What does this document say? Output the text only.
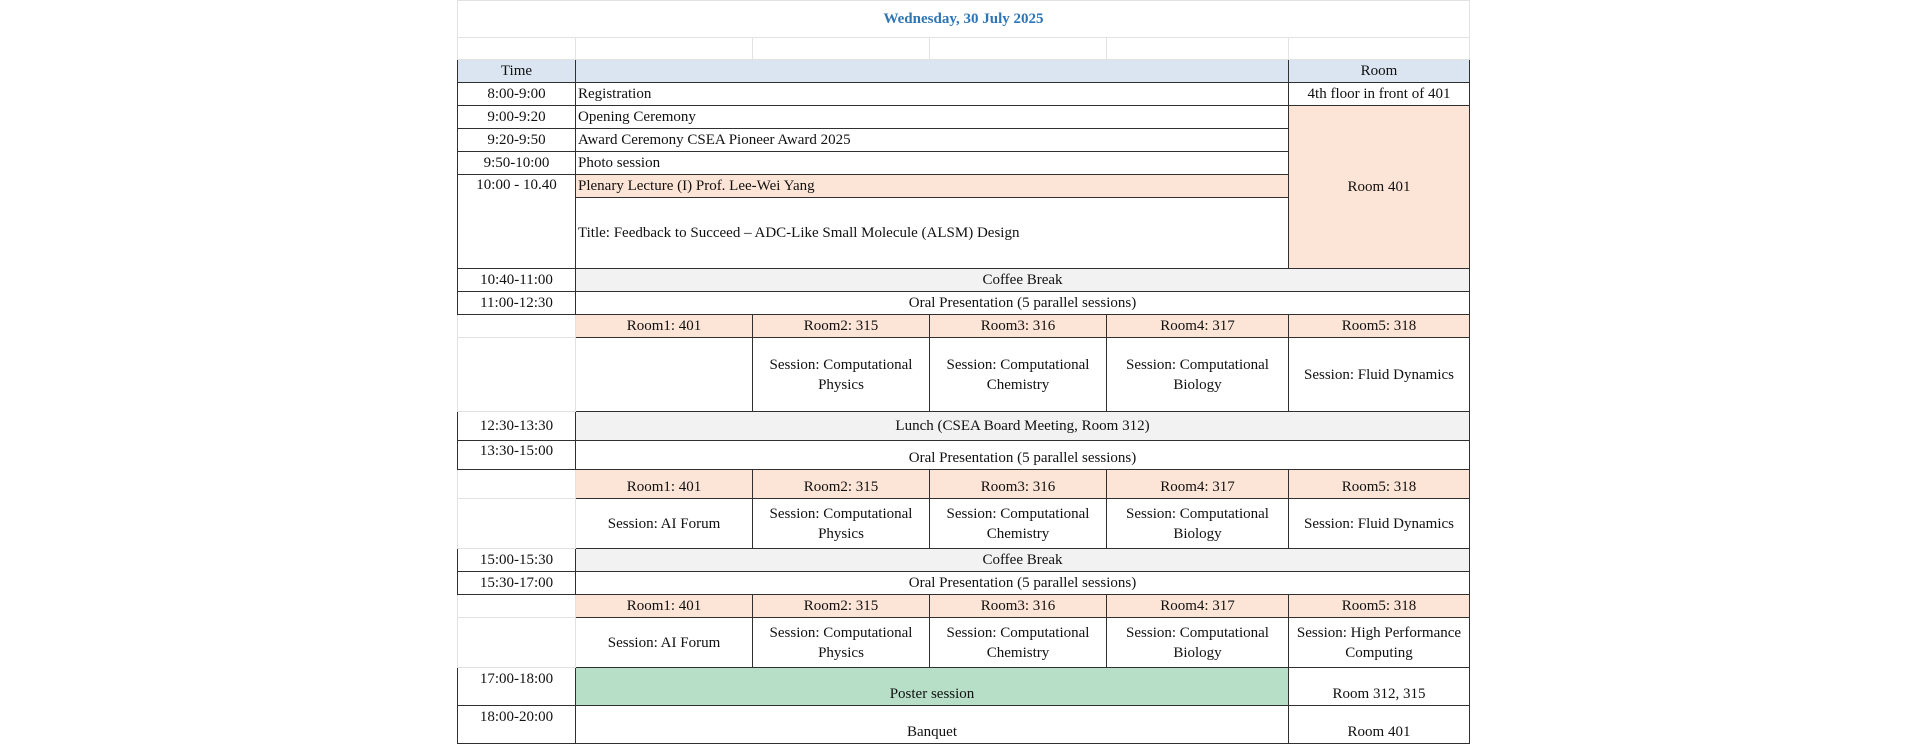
Wednesday, 30 July 2025					

Time					Room
8:00-9:00	Registration				4th floor in front of 401
9:00-9:20	Opening Ceremony				Room 401
9:20-9:50	Award Ceremony CSEA Pioneer Award 2025				
9:50-10:00	Photo session				
10:00 - 10.40	Plenary Lecture (I) Prof. Lee-Wei Yang				
	Title: Feedback to Succeed – ADC-Like Small Molecule (ALSM) Design				
10:40-11:00	Coffee Break				
11:00-12:30	Oral Presentation (5 parallel sessions)				
	Room1: 401	Room2: 315	Room3: 316	Room4: 317	Room5: 318
		Session: Computational Physics	Session: Computational Chemistry	Session: Computational Biology	Session: Fluid Dynamics
12:30-13:30	Lunch (CSEA Board Meeting, Room 312)				
13:30-15:00	Oral Presentation (5 parallel sessions)				
	Room1: 401	Room2: 315	Room3: 316	Room4: 317	Room5: 318
	Session: AI Forum	Session: Computational Physics	Session: Computational Chemistry	Session: Computational Biology	Session: Fluid Dynamics
15:00-15:30	Coffee Break				
15:30-17:00	Oral Presentation (5 parallel sessions)				
	Room1: 401	Room2: 315	Room3: 316	Room4: 317	Room5: 318
	Session: AI Forum	Session: Computational Physics	Session: Computational Chemistry	Session: Computational Biology	Session: High Performance Computing
17:00-18:00	Poster session				Room 312, 315
18:00-20:00	Banquet				Room 401
